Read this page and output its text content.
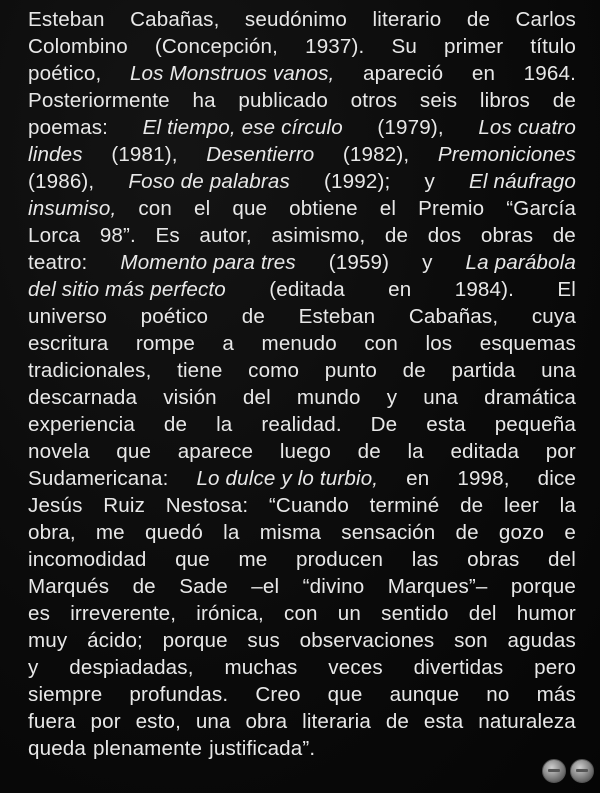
Esteban Cabañas, seudónimo literario de Carlos
Colombino (Concepción, 1937). Su primer título
poético, Los Monstruos vanos, apareció en 1964.
Posteriormente ha publicado otros seis libros de
poemas: El tiempo, ese círculo (1979), Los cuatro
lindes (1981), Desentierro (1982), Premoniciones
(1986), Foso de palabras (1992); y El náufrago
insumiso, con el que obtiene el Premio “García
Lorca 98”. Es autor, asimismo, de dos obras de
teatro: Momento para tres (1959) y La parábola
del sitio más perfecto (editada en 1984). El
universo poético de Esteban Cabañas, cuya
escritura rompe a menudo con los esquemas
tradicionales, tiene como punto de partida una
descarnada visión del mundo y una dramática
experiencia de la realidad. De esta pequeña
novela que aparece luego de la editada por
Sudamericana: Lo dulce y lo turbio, en 1998, dice
Jesús Ruiz Nestosa: “Cuando terminé de leer la
obra, me quedó la misma sensación de gozo e
incomodidad que me producen las obras del
Marqués de Sade –el “divino Marques”– porque
es irreverente, irónica, con un sentido del humor
muy ácido; porque sus observaciones son agudas
y despiadadas, muchas veces divertidas pero
siempre profundas. Creo que aunque no más
fuera por esto, una obra literaria de esta naturaleza
queda plenamente justificada”.
